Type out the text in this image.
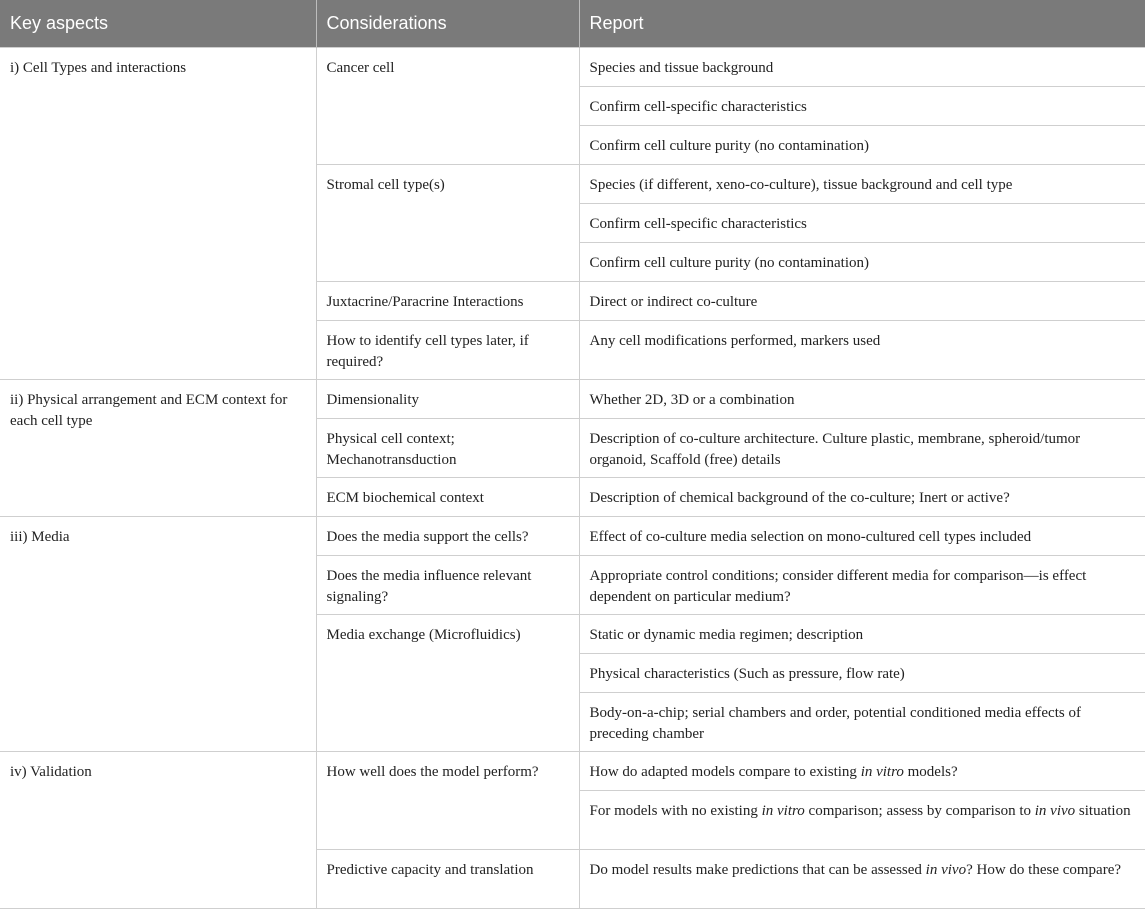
Key aspects	Considerations	Report
i) Cell Types and interactions	Cancer cell	Species and tissue background
		Confirm cell-specific characteristics
		Confirm cell culture purity (no contamination)
	Stromal cell type(s)	Species (if different, xeno-co-culture), tissue background and cell type
		Confirm cell-specific characteristics
		Confirm cell culture purity (no contamination)
	Juxtacrine/Paracrine Interactions	Direct or indirect co-culture
	How to identify cell types later, if required?	Any cell modifications performed, markers used
ii) Physical arrangement and ECM context for each cell type	Dimensionality	Whether 2D, 3D or a combination
	Physical cell context; Mechanotransduction	Description of co-culture architecture. Culture plastic, membrane, spheroid/tumor organoid, Scaffold (free) details
	ECM biochemical context	Description of chemical background of the co-culture; Inert or active?
iii) Media	Does the media support the cells?	Effect of co-culture media selection on mono-cultured cell types included
	Does the media influence relevant signaling?	Appropriate control conditions; consider different media for comparison—is effect dependent on particular medium?
	Media exchange (Microfluidics)	Static or dynamic media regimen; description
		Physical characteristics (Such as pressure, flow rate)
		Body-on-a-chip; serial chambers and order, potential conditioned media effects of preceding chamber
iv) Validation	How well does the model perform?	How do adapted models compare to existing in vitro models?
		For models with no existing in vitro comparison; assess by comparison to in vivo situation
	Predictive capacity and translation	Do model results make predictions that can be assessed in vivo? How do these compare?
